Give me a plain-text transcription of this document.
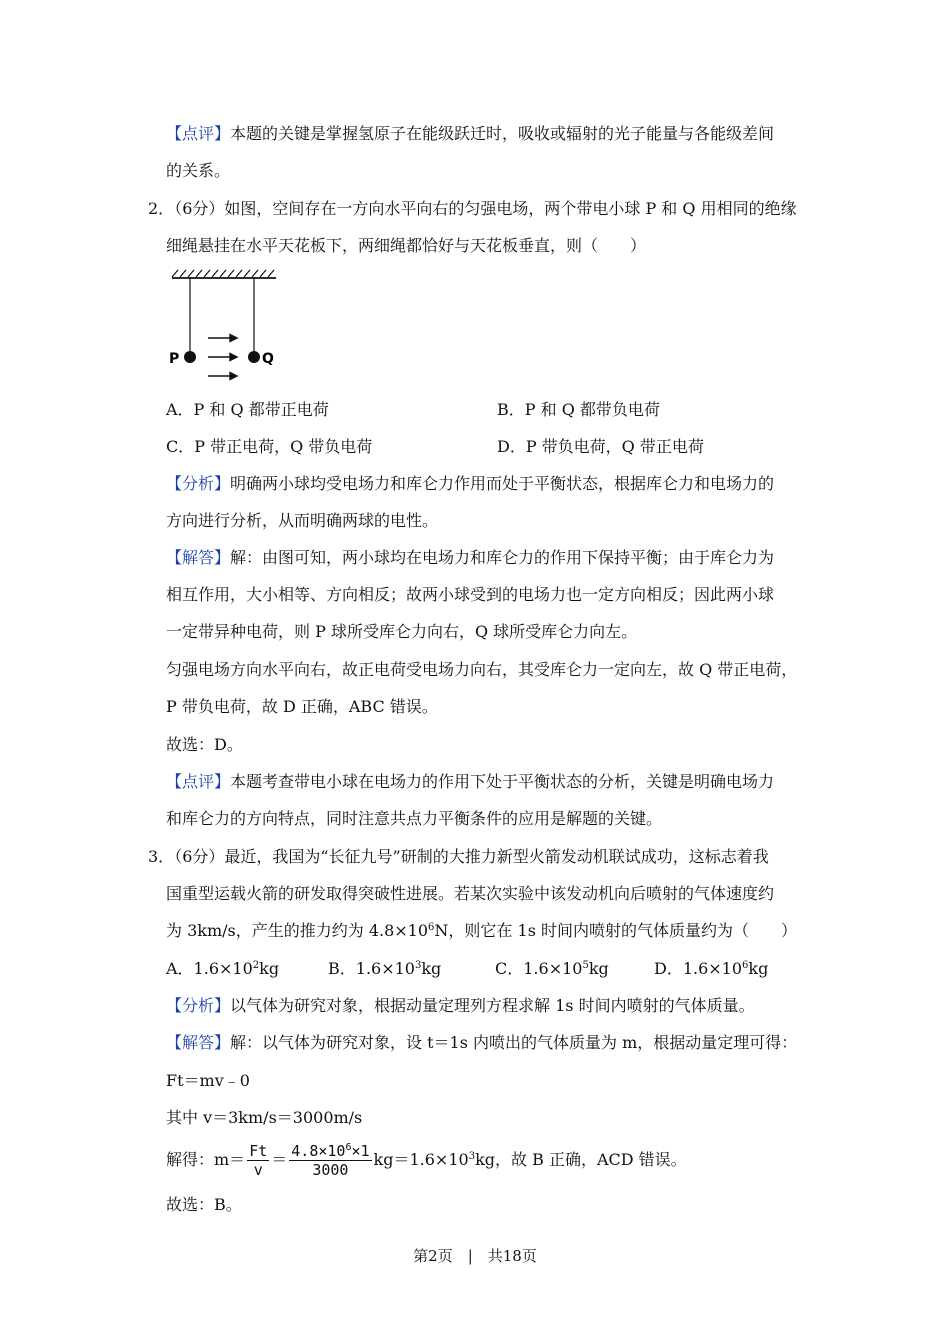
【点评】本题的关键是掌握氢原子在能级跃迁时，吸收或辐射的光子能量与各能级差间
的关系。
2．（6分）如图，空间存在一方向水平向右的匀强电场，两个带电小球 P 和 Q 用相同的绝缘
细绳悬挂在水平天花板下，两细绳都恰好与天花板垂直，则（　　）
P	Q
A．P 和 Q 都带正电荷	B．P 和 Q 都带负电荷
C．P 带正电荷，Q 带负电荷	D．P 带负电荷，Q 带正电荷
【分析】明确两小球均受电场力和库仑力作用而处于平衡状态，根据库仑力和电场力的
方向进行分析，从而明确两球的电性。
【解答】解：由图可知，两小球均在电场力和库仑力的作用下保持平衡；由于库仑力为
相互作用，大小相等、方向相反；故两小球受到的电场力也一定方向相反；因此两小球
一定带异种电荷，则 P 球所受库仑力向右，Q 球所受库仑力向左。
匀强电场方向水平向右，故正电荷受电场力向右，其受库仑力一定向左，故 Q 带正电荷，
P 带负电荷，故 D 正确，ABC 错误。
故选：D。
【点评】本题考查带电小球在电场力的作用下处于平衡状态的分析，关键是明确电场力
和库仑力的方向特点，同时注意共点力平衡条件的应用是解题的关键。
3．（6分）最近，我国为“长征九号”研制的大推力新型火箭发动机联试成功，这标志着我
国重型运载火箭的研发取得突破性进展。若某次实验中该发动机向后喷射的气体速度约
为 3km/s，产生的推力约为 $4.8\times 10^6N$，则它在 1s 时间内喷射的气体质量约为（　　）
A．$1.6\times 10^2kg$	B．$1.6\times 10^3kg$	C．$1.6\times 10^5kg$	D．$1.6\times 10^6kg$
【分析】以气体为研究对象，根据动量定理列方程求解 1s 时间内喷射的气体质量。
【解答】解：以气体为研究对象，设 t＝1s 内喷出的气体质量为 m，根据动量定理可得：
Ft＝mv﹣0
其中 v＝3km/s＝3000m/s
解得：$m= \frac{Ft}{v} = \frac{4.8\times 10^6\times 1}{3000} kg=1.6\times 10^3kg$，故 B 正确，ACD 错误。
故选：B。
第2页　|　共18页
